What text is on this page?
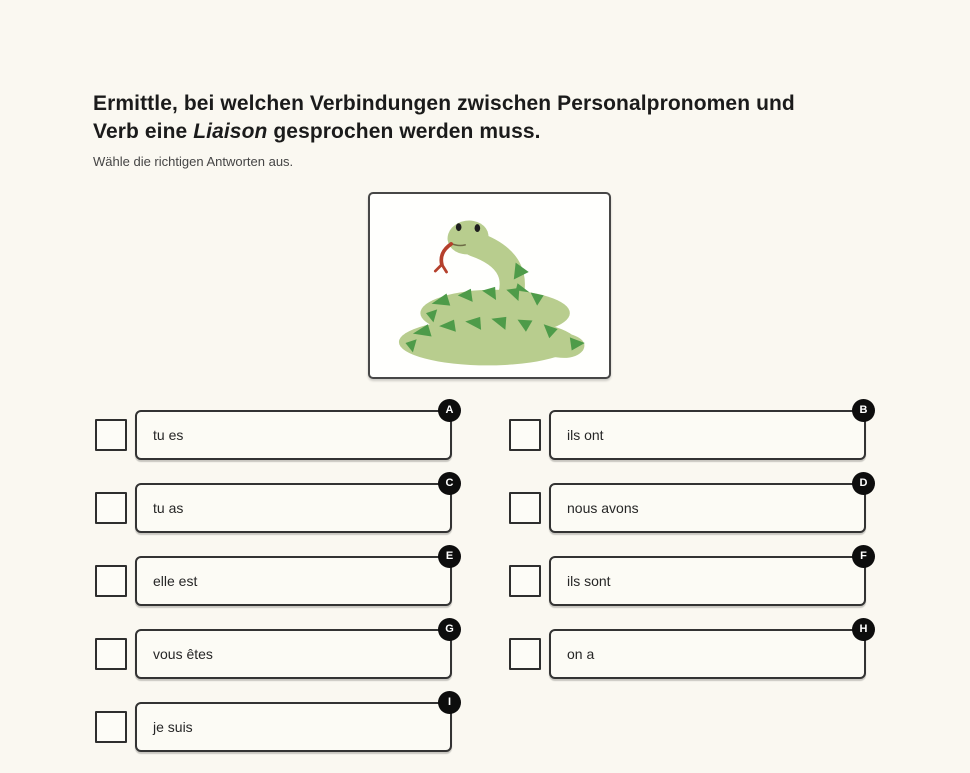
Ermittle, bei welchen Verbindungen zwischen Personalpronomen und
Verb eine Liaison gesprochen werden muss.

Wähle die richtigen Antworten aus.

tu es
A
ils ont
B
tu as
C
nous avons
D
elle est
E
ils sont
F
vous êtes
G
on a
H
je suis
I
